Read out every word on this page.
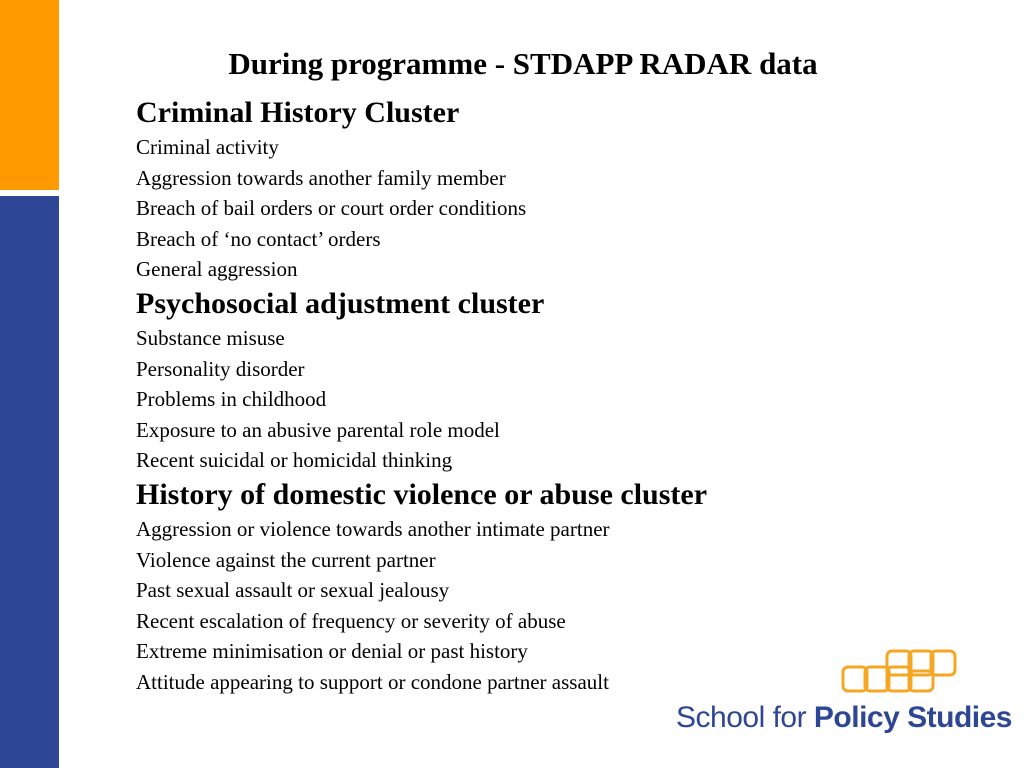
During programme - STDAPP RADAR data
Criminal History Cluster
Criminal activity
Aggression towards another family member
Breach of bail orders or court order conditions
Breach of ‘no contact’ orders
General aggression
Psychosocial adjustment cluster
Substance misuse
Personality disorder
Problems in childhood
Exposure to an abusive parental role model
Recent suicidal or homicidal thinking
History of domestic violence or abuse cluster
Aggression or violence towards another intimate partner
Violence against the current partner
Past sexual assault or sexual jealousy
Recent escalation of frequency or severity of abuse
Extreme minimisation or denial or past history
Attitude appearing to support or condone partner assault
School for Policy Studies
